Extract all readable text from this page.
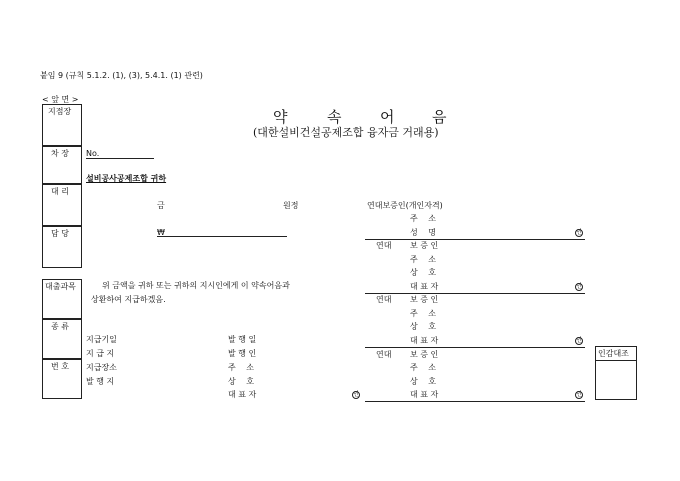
붙임 9 (규칙 5.1.2. (1), (3), 5.4.1. (1) 관련)
< 앞 면 >
약	속	어	음
(대한설비건설공제조합 융자금 거래용)
지점장
차 장
대 리
담 당
대출과목
종 류
번 호
No.
설비공사공제조합 귀하
금	원정
₩
위 금액을 귀하 또는 귀하의 지시인에게 이 약속어음과
상환하여 지급하겠음.
지급기일
지 급 지
지급장소
발 행 지
발 행 일
발 행 인
주 소
상 호
대 표 자	인
연대보증인(개인자격)
주 소
성 명	인
연대 보 증 인
주 소
상 호
대 표 자	인
연대 보 증 인
주 소
상 호
대 표 자	인
연대 보 증 인
주 소
상 호
대 표 자	인
인감대조
